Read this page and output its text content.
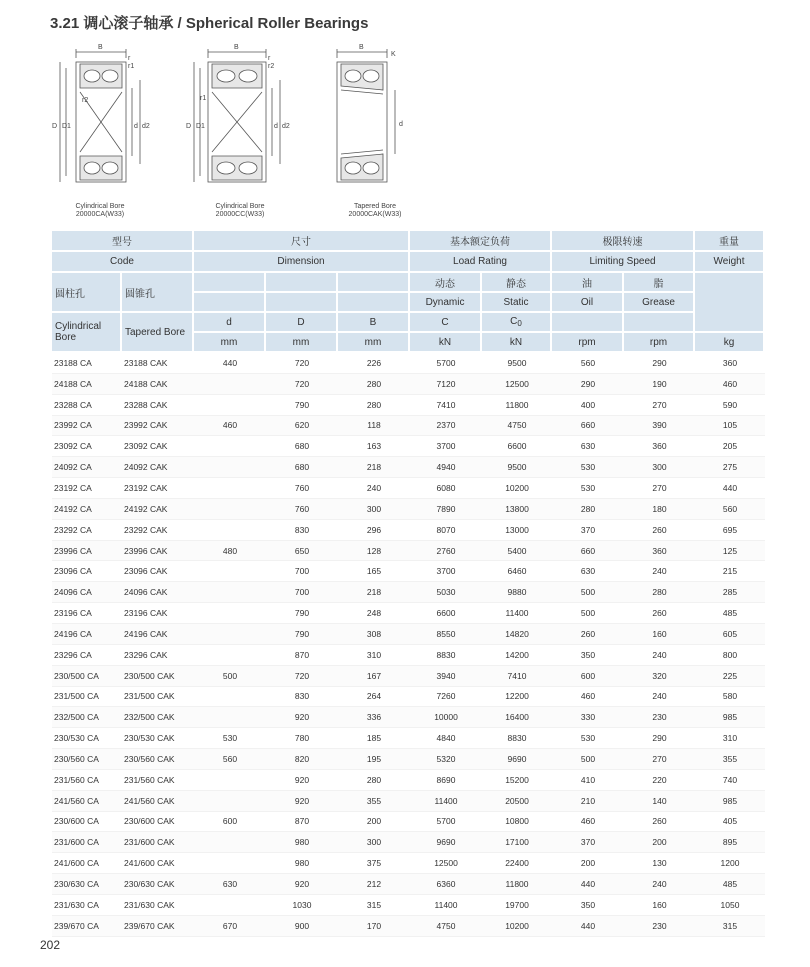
3.21 调心滚子轴承 / Spherical Roller Bearings
B
r
r1
r2
D D1	d d2
Cylindrical Bore
20000CA(W33)
B
r
r1
r2
D D1	d d2
Cylindrical Bore
20000CC(W33)
B
K
d
Tapered Bore
20000CAK(W33)
型号		尺寸			基本额定负荷		极限转速		重量
Code		Dimension			Load Rating		Limiting Speed		Weight
圆柱孔	圆锥孔				动态	静态	油	脂	
					Dynamic	Static	Oil	Grease	
Cylindrical Bore	Tapered Bore	d	D	B	C	$C_0$		
		mm	mm	mm	kN	kN	rpm	rpm	kg
23188 CA	23188 CAK	440	720	226	5700	9500	560	290	360
24188 CA	24188 CAK		720	280	7120	12500	290	190	460
23288 CA	23288 CAK		790	280	7410	11800	400	270	590
23992 CA	23992 CAK	460	620	118	2370	4750	660	390	105
23092 CA	23092 CAK		680	163	3700	6600	630	360	205
24092 CA	24092 CAK		680	218	4940	9500	530	300	275
23192 CA	23192 CAK		760	240	6080	10200	530	270	440
24192 CA	24192 CAK		760	300	7890	13800	280	180	560
23292 CA	23292 CAK		830	296	8070	13000	370	260	695
23996 CA	23996 CAK	480	650	128	2760	5400	660	360	125
23096 CA	23096 CAK		700	165	3700	6460	630	240	215
24096 CA	24096 CAK		700	218	5030	9880	500	280	285
23196 CA	23196 CAK		790	248	6600	11400	500	260	485
24196 CA	24196 CAK		790	308	8550	14820	260	160	605
23296 CA	23296 CAK		870	310	8830	14200	350	240	800
230/500 CA	230/500 CAK	500	720	167	3940	7410	600	320	225
231/500 CA	231/500 CAK		830	264	7260	12200	460	240	580
232/500 CA	232/500 CAK		920	336	10000	16400	330	230	985
230/530 CA	230/530 CAK	530	780	185	4840	8830	530	290	310
230/560 CA	230/560 CAK	560	820	195	5320	9690	500	270	355
231/560 CA	231/560 CAK		920	280	8690	15200	410	220	740
241/560 CA	241/560 CAK		920	355	11400	20500	210	140	985
230/600 CA	230/600 CAK	600	870	200	5700	10800	460	260	405
231/600 CA	231/600 CAK		980	300	9690	17100	370	200	895
241/600 CA	241/600 CAK		980	375	12500	22400	200	130	1200
230/630 CA	230/630 CAK	630	920	212	6360	11800	440	240	485
231/630 CA	231/630 CAK		1030	315	11400	19700	350	160	1050
239/670 CA	239/670 CAK	670	900	170	4750	10200	440	230	315
202
